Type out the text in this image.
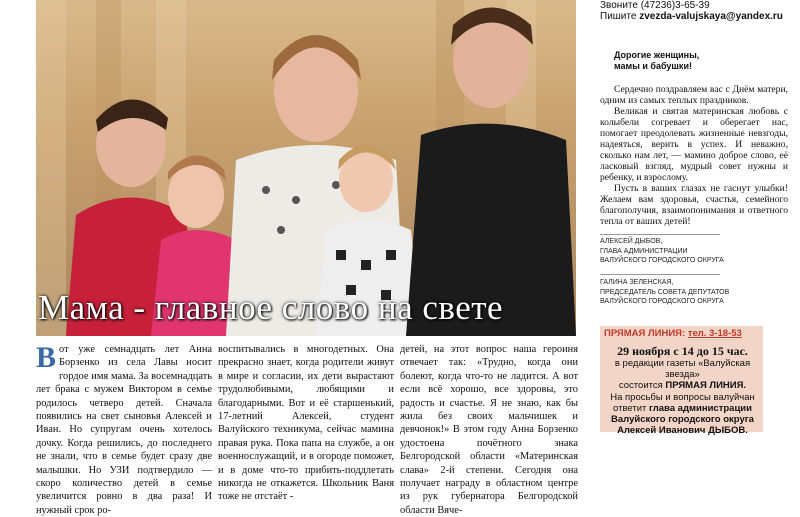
Мама - главное слово на свете
В от уже семнадцать лет Анна Борзенко из села Лавы носит гордое имя мама. За восемнадцать лет брака с мужем Виктором в семье родилось четверо детей. Сначала появились на свет сыновья Алексей и Иван. Но супругам очень хотелось дочку. Когда решились, до последнего не знали, что в семье будет сразу две малышки. Но УЗИ подтвердило — скоро количество детей в семье увеличится ровно в два раза! И нужный срок ро-
воспитывались в многодетных. Она прекрасно знает, когда родители живут в мире и согласии, их дети вырастают трудолюбивыми, любящими и благодарными. Вот и её старшенький, 17-летний Алексей, студент Валуйского техникума, сейчас мамина правая рука. Пока папа на службе, а он военнослужащий, и в огороде поможет, и в доме что-то прибить-поддлетать никогда не откажется. Школьник Ваня тоже не отстаёт -
детей, на этот вопрос наша героиня отвечает так: «Трудно, когда они болеют, когда что-то не ладится. А вот если всё хорошо, все здоровы, это радость и счастье. Я не знаю, как бы жила без своих мальчишек и девчонок!» В этом году Анна Борзенко удостоена почётного знака Белгородской области «Материнская слава» 2-й степени. Сегодня она получает награду в областном центре из рук губернатора Белгородской области Вяче-
Звоните (47236)3-65-39
Пишите zvezda-valujskaya@yandex.ru
Дорогие женщины,
мамы и бабушки!

Сердечно поздравляем вас с Днём матери, одним из самых теплых праздников.

Великая и святая материнская любовь с колыбели согревает и оберегает нас, помогает преодолевать жизненные невзгоды, надеяться, верить в успех. И неважно, сколько нам лет, — мамино доброе слово, её ласковый взгляд, мудрый совет нужны и ребенку, и взрослому.

Пусть в ваших глазах не гаснут улыбки! Желаем вам здоровья, счастья, семейного благополучия, взаимопонимания и ответного тепла от ваших детей!

АЛЕКСЕЙ ДЫБОВ,
ГЛАВА АДМИНИСТРАЦИИ
ВАЛУЙСКОГО ГОРОДСКОГО ОКРУГА
ГАЛИНА ЗЕЛЕНСКАЯ,
ПРЕДСЕДАТЕЛЬ СОВЕТА ДЕПУТАТОВ
ВАЛУЙСКОГО ГОРОДСКОГО ОКРУГА
ПРЯМАЯ ЛИНИЯ: тел. 3-18-53
29 ноября с 14 до 15 час.
в редакции газеты «Валуйская звезда»
состоится ПРЯМАЯ ЛИНИЯ.
На просьбы и вопросы валуйчан
ответит глава администрации
Валуйского городского округа
Алексей Иванович ДЫБОВ.
